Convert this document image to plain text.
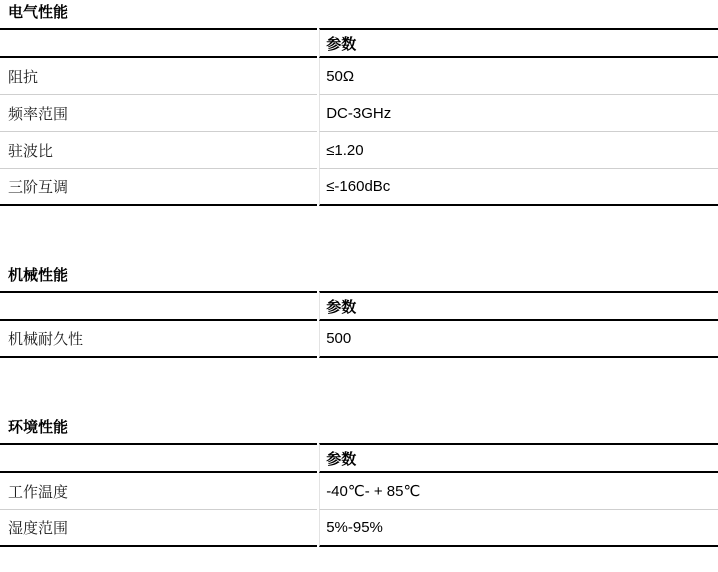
电气性能
	参数
阻抗	50Ω
频率范围	DC-3GHz
驻波比	≤1.20
三阶互调	≤-160dBc
机械性能
	参数
机械耐久性	500
环境性能
	参数
工作温度	-40℃- + 85℃
湿度范围	5%-95%
